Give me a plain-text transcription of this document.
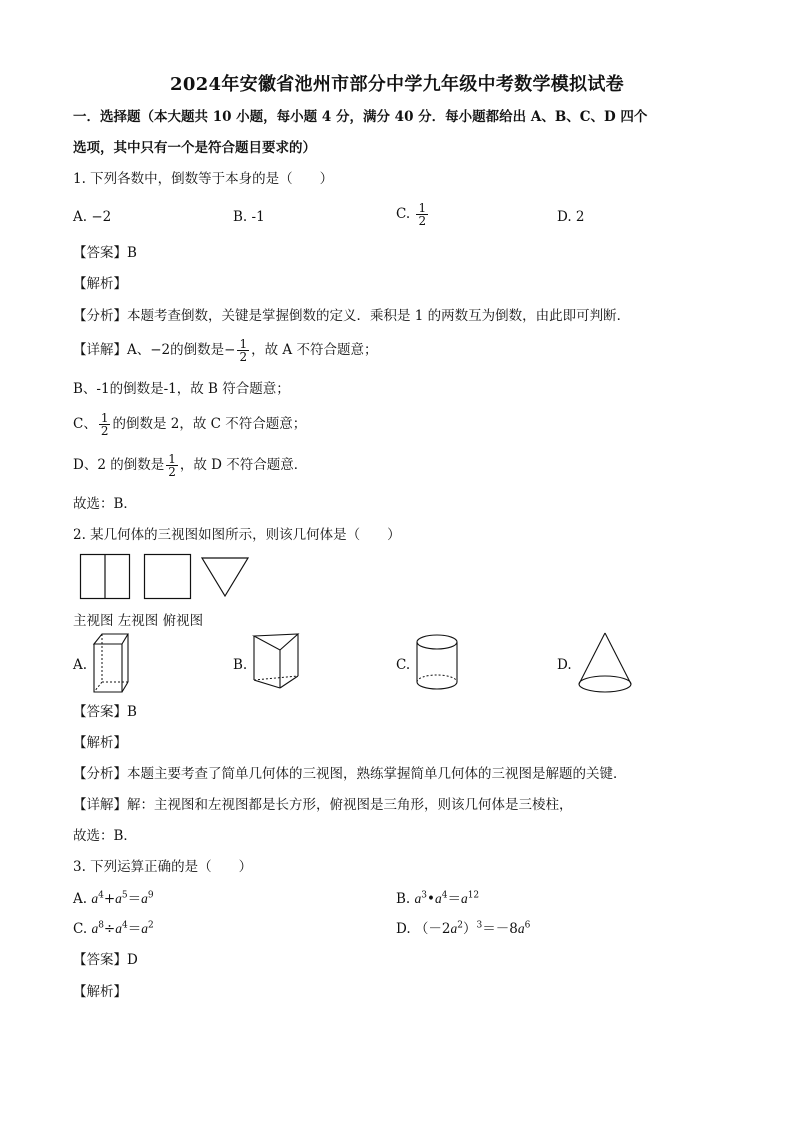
2024年安徽省池州市部分中学九年级中考数学模拟试卷
一．选择题（本大题共 10 小题，每小题 4 分，满分 40 分．每小题都给出 A、B、C、D 四个
选项，其中只有一个是符合题目要求的）
1. 下列各数中，倒数等于本身的是（　　）
A. −2	B. -1	C. $\frac{1}{2}$	D. 2
【答案】B
【解析】
【分析】本题考查倒数，关键是掌握倒数的定义．乘积是 1 的两数互为倒数，由此即可判断．
【详解】A、−2的倒数是− $\frac{1}{2}$ ，故 A 不符合题意；
B、-1的倒数是-1，故 B 符合题意；
C、 $\frac{1}{2}$ 的倒数是 2，故 C 不符合题意；
D、2 的倒数是 $\frac{1}{2}$ ，故 D 不符合题意．
故选：B．
2. 某几何体的三视图如图所示，则该几何体是（　　）
主视图 左视图 俯视图
A.	B.	C.	D.
【答案】B
【解析】
【分析】本题主要考查了简单几何体的三视图，熟练掌握简单几何体的三视图是解题的关键．
【详解】解：主视图和左视图都是长方形，俯视图是三角形，则该几何体是三棱柱，
故选：B．
3. 下列运算正确的是（　　）
A. $a^4+a^5=a^9$	B. $a^3•a^4=a^{12}$
C. $a^8\div a^4=a^2$	D. $(-2a^2)^3=-8a^6$
【答案】D
【解析】
